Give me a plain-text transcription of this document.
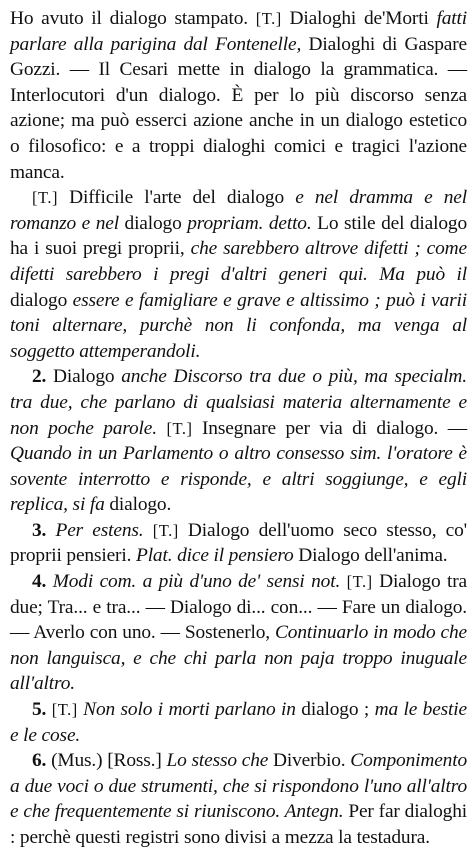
Ho avuto il dialogo stampato. [T.] Dialoghi de'Morti fatti parlare alla parigina dal Fontenelle, Dialoghi di Gaspare Gozzi. — Il Cesari mette in dialogo la grammatica. —Interlocutori d'un dialogo. È per lo più discorso senza azione; ma può esserci azione anche in un dialogo estetico o filosofico: e a troppi dialoghi comici e tragici l'azione manca.

[T.] Difficile l'arte del dialogo e nel dramma e nel romanzo e nel dialogo propriam. detto. Lo stile del dialogo ha i suoi pregi proprii, che sarebbero altrove difetti ; come difetti sarebbero i pregi d'altri generi qui. Ma può il dialogo essere e famigliare e grave e altissimo ; può i varii toni alternare, purchè non li confonda, ma venga al soggetto attemperandoli.

2. Dialogo anche Discorso tra due o più, ma specialm. tra due, che parlano di qualsiasi materia alternamente e non poche parole. [T.] Insegnare per via di dialogo. — Quando in un Parlamento o altro consesso sim. l'oratore è sovente interrotto e risponde, e altri soggiunge, e egli replica, si fa dialogo.

3. Per estens. [T.] Dialogo dell'uomo seco stesso, co' proprii pensieri. Plat. dice il pensiero Dialogo dell'anima.

4. Modi com. a più d'uno de' sensi not. [T.] Dialogo tra due; Tra... e tra... — Dialogo di... con... — Fare un dialogo. — Averlo con uno. — Sostenerlo, Continuarlo in modo che non languisca, e che chi parla non paja troppo inuguale all'altro.

5. [T.] Non solo i morti parlano in dialogo ; ma le bestie e le cose.

6. (Mus.) [Ross.] Lo stesso che Diverbio. Componimento a due voci o due strumenti, che si rispondono l'uno all'altro e che frequentemente si riuniscono. Antegn. Per far dialoghi : perchè questi registri sono divisi a mezza la testadura.
